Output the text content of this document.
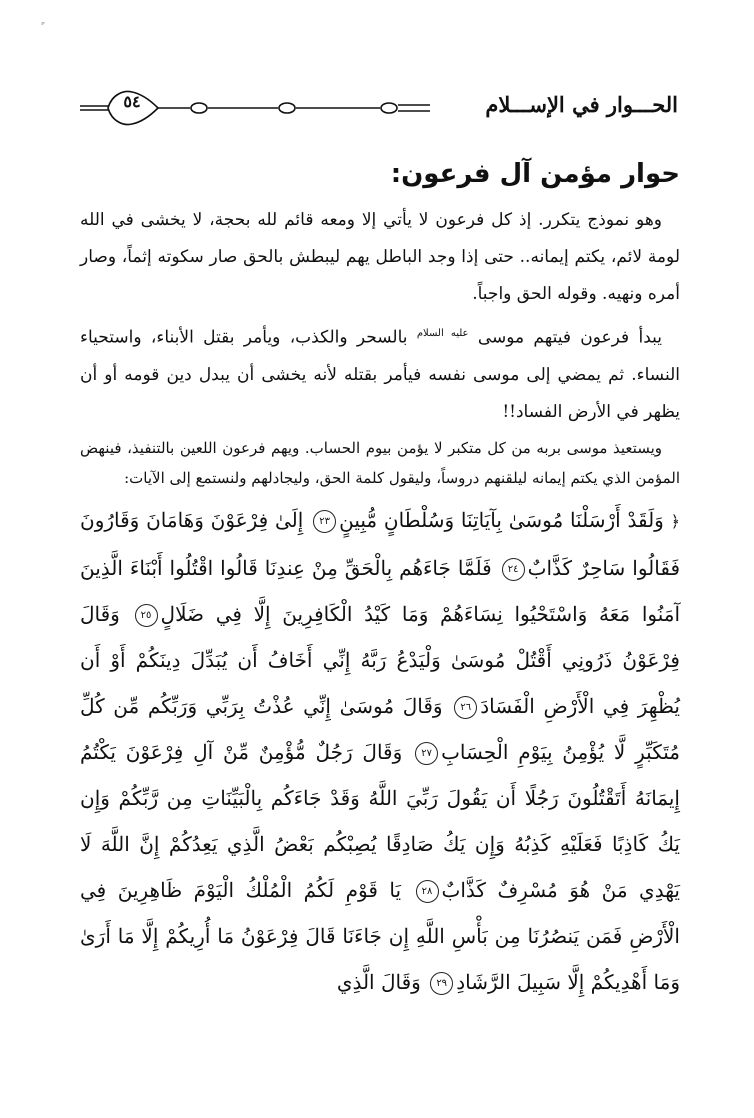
٥٤	الحـــوار في الإســـلام
حوار مؤمن آل فرعون:

وهو نموذج يتكرر. إذ كل فرعون لا يأتي إلا ومعه قائم لله بحجة، لا يخشى في الله لومة لائم، يكتم إيمانه.. حتى إذا وجد الباطل يهم ليبطش بالحق صار سكوته إثماً، وصار أمره ونهيه. وقوله الحق واجباً.

يبدأ فرعون فيتهم موسى $^{عليه السلام}$ بالسحر والكذب، ويأمر بقتل الأبناء، واستحياء النساء. ثم يمضي إلى موسى نفسه فيأمر بقتله لأنه يخشى أن يبدل دين قومه أو أن يظهر في الأرض الفساد!!

ويستعيذ موسى بربه من كل متكبر لا يؤمن بيوم الحساب. ويهم فرعون اللعين بالتنفيذ، فينهض المؤمن الذي يكتم إيمانه ليلقنهم دروساً، وليقول كلمة الحق، وليجادلهم ولنستمع إلى الآيات:

﴿ وَلَقَدْ أَرْسَلْنَا مُوسَىٰ بِآيَاتِنَا وَسُلْطَانٍ مُّبِينٍ٢٣ إِلَىٰ فِرْعَوْنَ وَهَامَانَ وَقَارُونَ فَقَالُوا سَاحِرٌ كَذَّابٌ٢٤ فَلَمَّا جَاءَهُم بِالْحَقِّ مِنْ عِندِنَا قَالُوا اقْتُلُوا أَبْنَاءَ الَّذِينَ آمَنُوا مَعَهُ وَاسْتَحْيُوا نِسَاءَهُمْ وَمَا كَيْدُ الْكَافِرِينَ إِلَّا فِي ضَلَالٍ٢٥ وَقَالَ فِرْعَوْنُ ذَرُونِي أَقْتُلْ مُوسَىٰ وَلْيَدْعُ رَبَّهُ إِنِّي أَخَافُ أَن يُبَدِّلَ دِينَكُمْ أَوْ أَن يُظْهِرَ فِي الْأَرْضِ الْفَسَادَ٢٦ وَقَالَ مُوسَىٰ إِنِّي عُذْتُ بِرَبِّي وَرَبِّكُم مِّن كُلِّ مُتَكَبِّرٍ لَّا يُؤْمِنُ بِيَوْمِ الْحِسَابِ٢٧ وَقَالَ رَجُلٌ مُّؤْمِنٌ مِّنْ آلِ فِرْعَوْنَ يَكْتُمُ إِيمَانَهُ أَتَقْتُلُونَ رَجُلًا أَن يَقُولَ رَبِّيَ اللَّهُ وَقَدْ جَاءَكُم بِالْبَيِّنَاتِ مِن رَّبِّكُمْ وَإِن يَكُ كَاذِبًا فَعَلَيْهِ كَذِبُهُ وَإِن يَكُ صَادِقًا يُصِبْكُم بَعْضُ الَّذِي يَعِدُكُمْ إِنَّ اللَّهَ لَا يَهْدِي مَنْ هُوَ مُسْرِفٌ كَذَّابٌ٢٨ يَا قَوْمِ لَكُمُ الْمُلْكُ الْيَوْمَ ظَاهِرِينَ فِي الْأَرْضِ فَمَن يَنصُرُنَا مِن بَأْسِ اللَّهِ إِن جَاءَنَا قَالَ فِرْعَوْنُ مَا أُرِيكُمْ إِلَّا مَا أَرَىٰ وَمَا أَهْدِيكُمْ إِلَّا سَبِيلَ الرَّشَادِ٢٩ وَقَالَ الَّذِي
